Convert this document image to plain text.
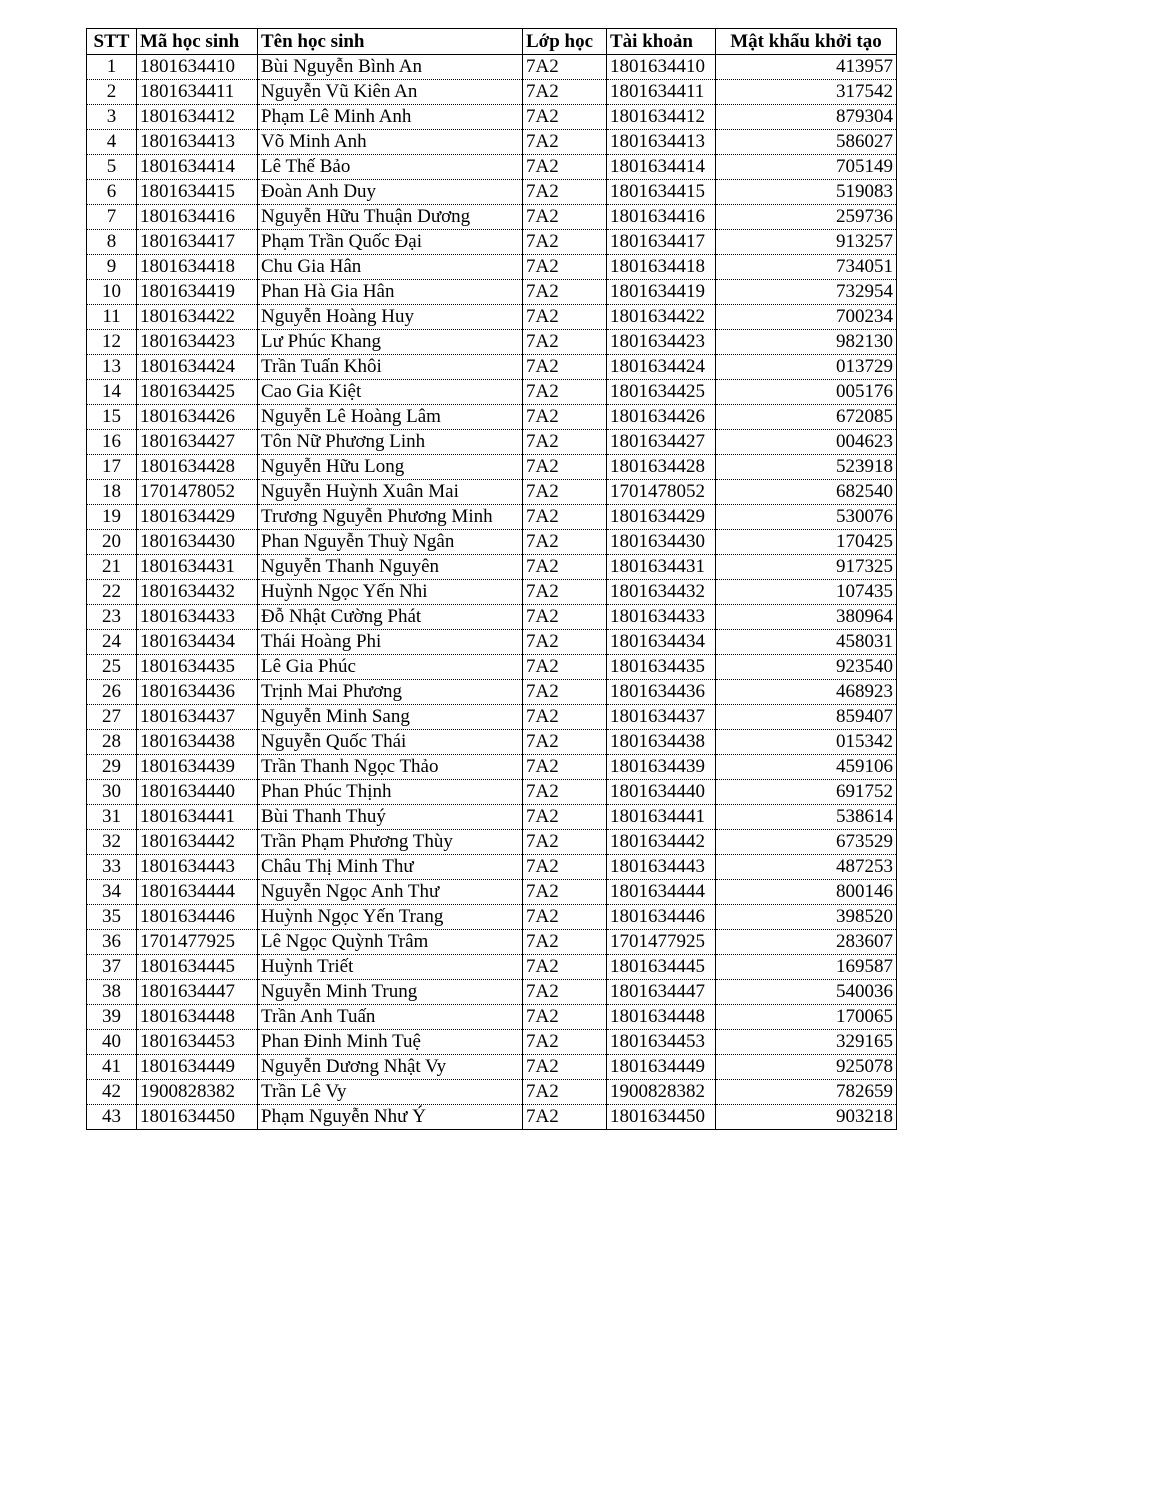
STT	Mã học sinh	Tên học sinh	Lớp học	Tài khoản	Mật khẩu khởi tạo
1	1801634410	Bùi Nguyễn Bình An	7A2	1801634410	413957
2	1801634411	Nguyễn Vũ Kiên An	7A2	1801634411	317542
3	1801634412	Phạm Lê Minh Anh	7A2	1801634412	879304
4	1801634413	Võ Minh Anh	7A2	1801634413	586027
5	1801634414	Lê Thế Bảo	7A2	1801634414	705149
6	1801634415	Đoàn Anh Duy	7A2	1801634415	519083
7	1801634416	Nguyễn Hữu Thuận Dương	7A2	1801634416	259736
8	1801634417	Phạm Trần Quốc Đại	7A2	1801634417	913257
9	1801634418	Chu Gia Hân	7A2	1801634418	734051
10	1801634419	Phan Hà Gia Hân	7A2	1801634419	732954
11	1801634422	Nguyễn Hoàng Huy	7A2	1801634422	700234
12	1801634423	Lư Phúc Khang	7A2	1801634423	982130
13	1801634424	Trần Tuấn Khôi	7A2	1801634424	013729
14	1801634425	Cao Gia Kiệt	7A2	1801634425	005176
15	1801634426	Nguyễn Lê Hoàng Lâm	7A2	1801634426	672085
16	1801634427	Tôn Nữ Phương Linh	7A2	1801634427	004623
17	1801634428	Nguyễn Hữu Long	7A2	1801634428	523918
18	1701478052	Nguyễn Huỳnh Xuân Mai	7A2	1701478052	682540
19	1801634429	Trương Nguyễn Phương Minh	7A2	1801634429	530076
20	1801634430	Phan Nguyễn Thuỳ Ngân	7A2	1801634430	170425
21	1801634431	Nguyễn Thanh Nguyên	7A2	1801634431	917325
22	1801634432	Huỳnh Ngọc Yến Nhi	7A2	1801634432	107435
23	1801634433	Đỗ Nhật Cường Phát	7A2	1801634433	380964
24	1801634434	Thái Hoàng Phi	7A2	1801634434	458031
25	1801634435	Lê Gia Phúc	7A2	1801634435	923540
26	1801634436	Trịnh Mai Phương	7A2	1801634436	468923
27	1801634437	Nguyễn Minh Sang	7A2	1801634437	859407
28	1801634438	Nguyễn Quốc Thái	7A2	1801634438	015342
29	1801634439	Trần Thanh Ngọc Thảo	7A2	1801634439	459106
30	1801634440	Phan Phúc Thịnh	7A2	1801634440	691752
31	1801634441	Bùi Thanh Thuý	7A2	1801634441	538614
32	1801634442	Trần Phạm Phương Thùy	7A2	1801634442	673529
33	1801634443	Châu Thị Minh Thư	7A2	1801634443	487253
34	1801634444	Nguyễn Ngọc Anh Thư	7A2	1801634444	800146
35	1801634446	Huỳnh Ngọc Yến Trang	7A2	1801634446	398520
36	1701477925	Lê Ngọc Quỳnh Trâm	7A2	1701477925	283607
37	1801634445	Huỳnh Triết	7A2	1801634445	169587
38	1801634447	Nguyễn Minh Trung	7A2	1801634447	540036
39	1801634448	Trần Anh Tuấn	7A2	1801634448	170065
40	1801634453	Phan Đinh Minh Tuệ	7A2	1801634453	329165
41	1801634449	Nguyễn Dương Nhật Vy	7A2	1801634449	925078
42	1900828382	Trần Lê Vy	7A2	1900828382	782659
43	1801634450	Phạm Nguyễn Như Ý	7A2	1801634450	903218
